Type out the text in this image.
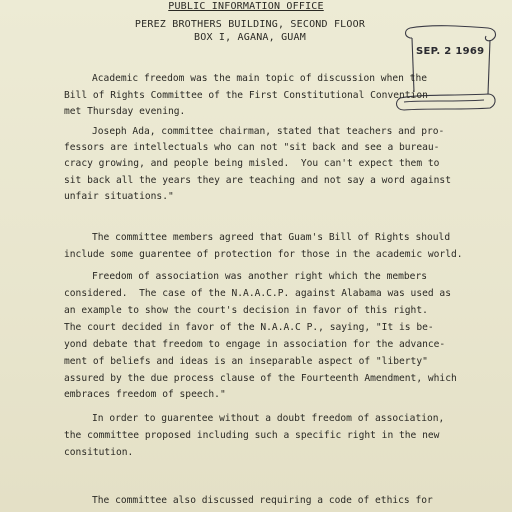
PUBLIC INFORMATION OFFICE
PEREZ BROTHERS BUILDING, SECOND FLOOR
BOX I, AGANA, GUAM
SEP. 2 1969
Academic freedom was the main topic of discussion when the
Bill of Rights Committee of the First Constitutional Convention
met Thursday evening.
Joseph Ada, committee chairman, stated that teachers and pro-
fessors are intellectuals who can not "sit back and see a bureau-
cracy growing, and people being misled.  You can't expect them to
sit back all the years they are teaching and not say a word against
unfair situations."
The committee members agreed that Guam's Bill of Rights should
include some guarentee of protection for those in the academic world.
Freedom of association was another right which the members
considered.  The case of the N.A.A.C.P. against Alabama was used as
an example to show the court's decision in favor of this right.
The court decided in favor of the N.A.A.C P., saying, "It is be-
yond debate that freedom to engage in association for the advance-
ment of beliefs and ideas is an inseparable aspect of "liberty"
assured by the due process clause of the Fourteenth Amendment, which
embraces freedom of speech."
In order to guarentee without a doubt freedom of association,
the committee proposed including such a specific right in the new
consitution.
The committee also discussed requiring a code of ethics for
